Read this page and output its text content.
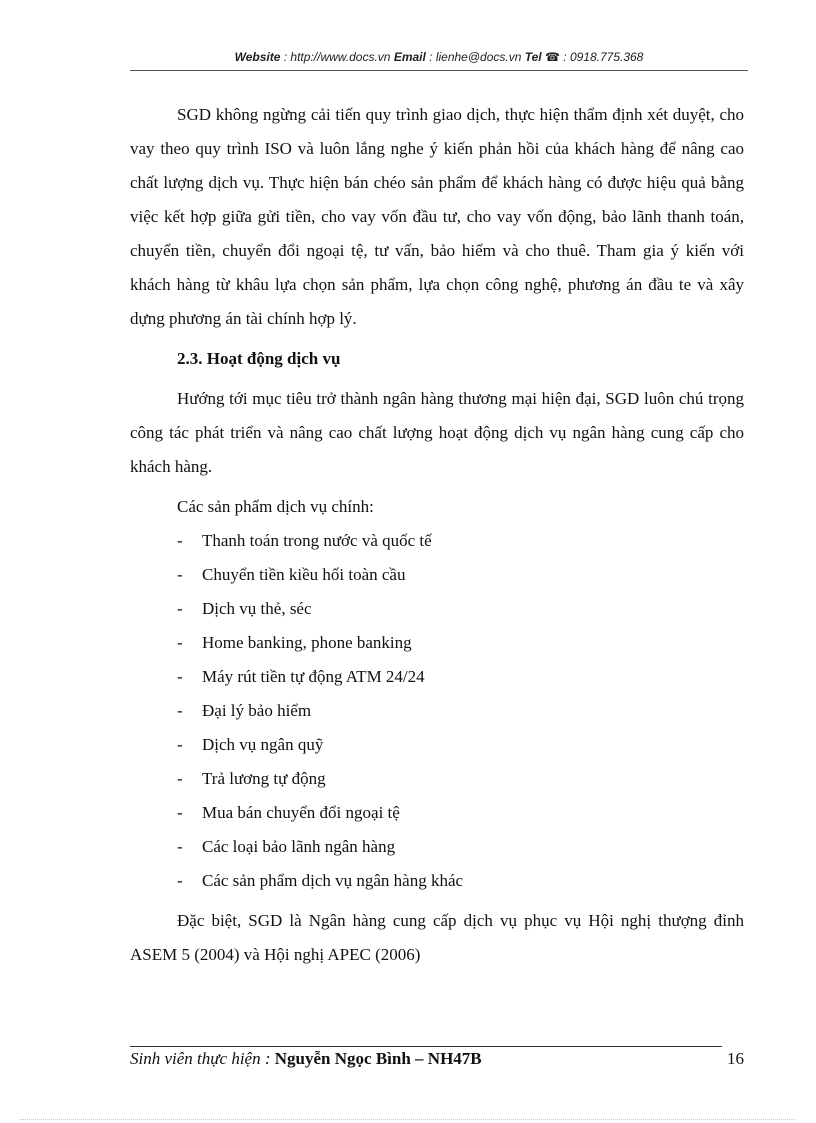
Website : http://www.docs.vn Email : lienhe@docs.vn Tel ☎ : 0918.775.368

SGD không ngừng cải tiến quy trình giao dịch, thực hiện thẩm định xét duyệt, cho vay theo quy trình ISO và luôn lắng nghe ý kiến phản hồi của khách hàng để nâng cao chất lượng dịch vụ. Thực hiện bán chéo sản phẩm để khách hàng có được hiệu quả bằng việc kết hợp giữa gửi tiền, cho vay vốn đầu tư, cho vay vốn động, bảo lãnh thanh toán, chuyển tiền, chuyển đổi ngoại tệ, tư vấn, bảo hiểm và cho thuê. Tham gia ý kiến với khách hàng từ khâu lựa chọn sản phẩm, lựa chọn công nghệ, phương án đầu te và xây dựng phương án tài chính hợp lý.

2.3. Hoạt động dịch vụ

Hướng tới mục tiêu trở thành ngân hàng thương mại hiện đại, SGD luôn chú trọng công tác phát triển và nâng cao chất lượng hoạt động dịch vụ ngân hàng cung cấp cho khách hàng.

Các sản phẩm dịch vụ chính:

- Thanh toán trong nước và quốc tế
- Chuyển tiền kiều hối toàn cầu
- Dịch vụ thẻ, séc
- Home banking, phone banking
- Máy rút tiền tự động ATM 24/24
- Đại lý bảo hiểm
- Dịch vụ ngân quỹ
- Trả lương tự động
- Mua bán chuyển đổi ngoại tệ
- Các loại bảo lãnh ngân hàng
- Các sản phẩm dịch vụ ngân hàng khác

Đặc biệt, SGD là Ngân hàng cung cấp dịch vụ phục vụ Hội nghị thượng đỉnh ASEM 5 (2004) và Hội nghị APEC (2006)

Sinh viên thực hiện : Nguyễn Ngọc Bình – NH47B	16
